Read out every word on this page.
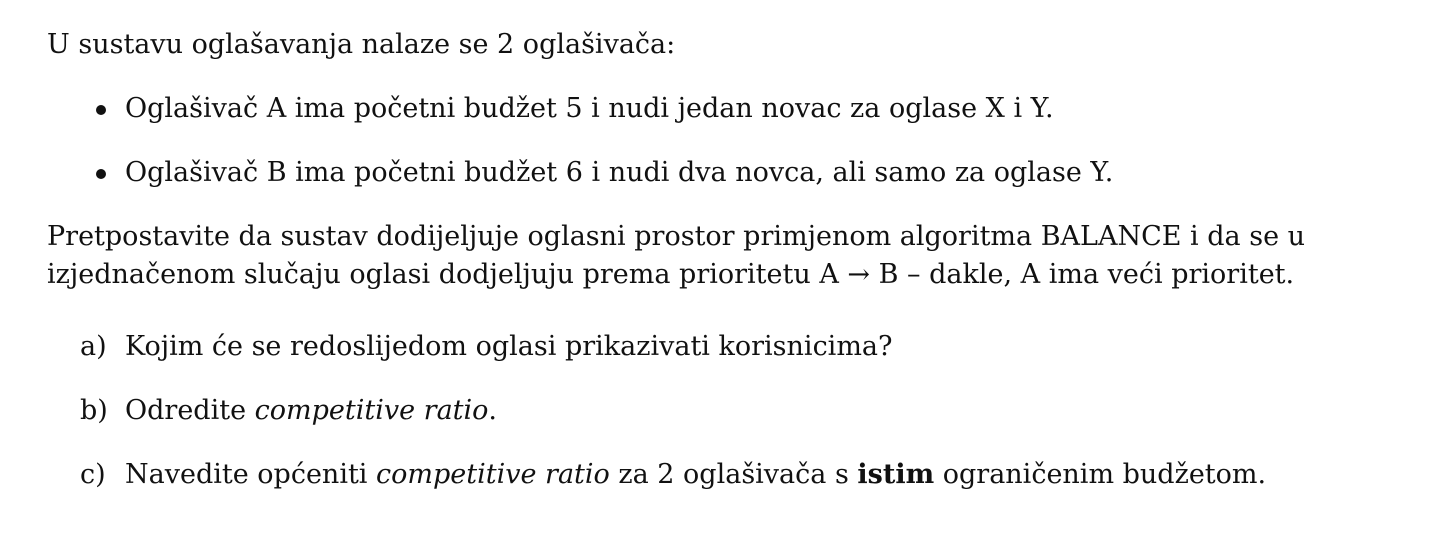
U sustavu oglašavanja nalaze se 2 oglašivača:

Oglašivač A ima početni budžet 5 i nudi jedan novac za oglase X i Y.
Oglašivač B ima početni budžet 6 i nudi dva novca, ali samo za oglase Y.

Pretpostavite da sustav dodijeljuje oglasni prostor primjenom algoritma BALANCE i da se u
izjednačenom slučaju oglasi dodjeljuju prema prioritetu A → B – dakle, A ima veći prioritet.

a) Kojim će se redoslijedom oglasi prikazivati korisnicima?
b) Odredite competitive ratio.
c) Navedite općeniti competitive ratio za 2 oglašivača s istim ograničenim budžetom.
